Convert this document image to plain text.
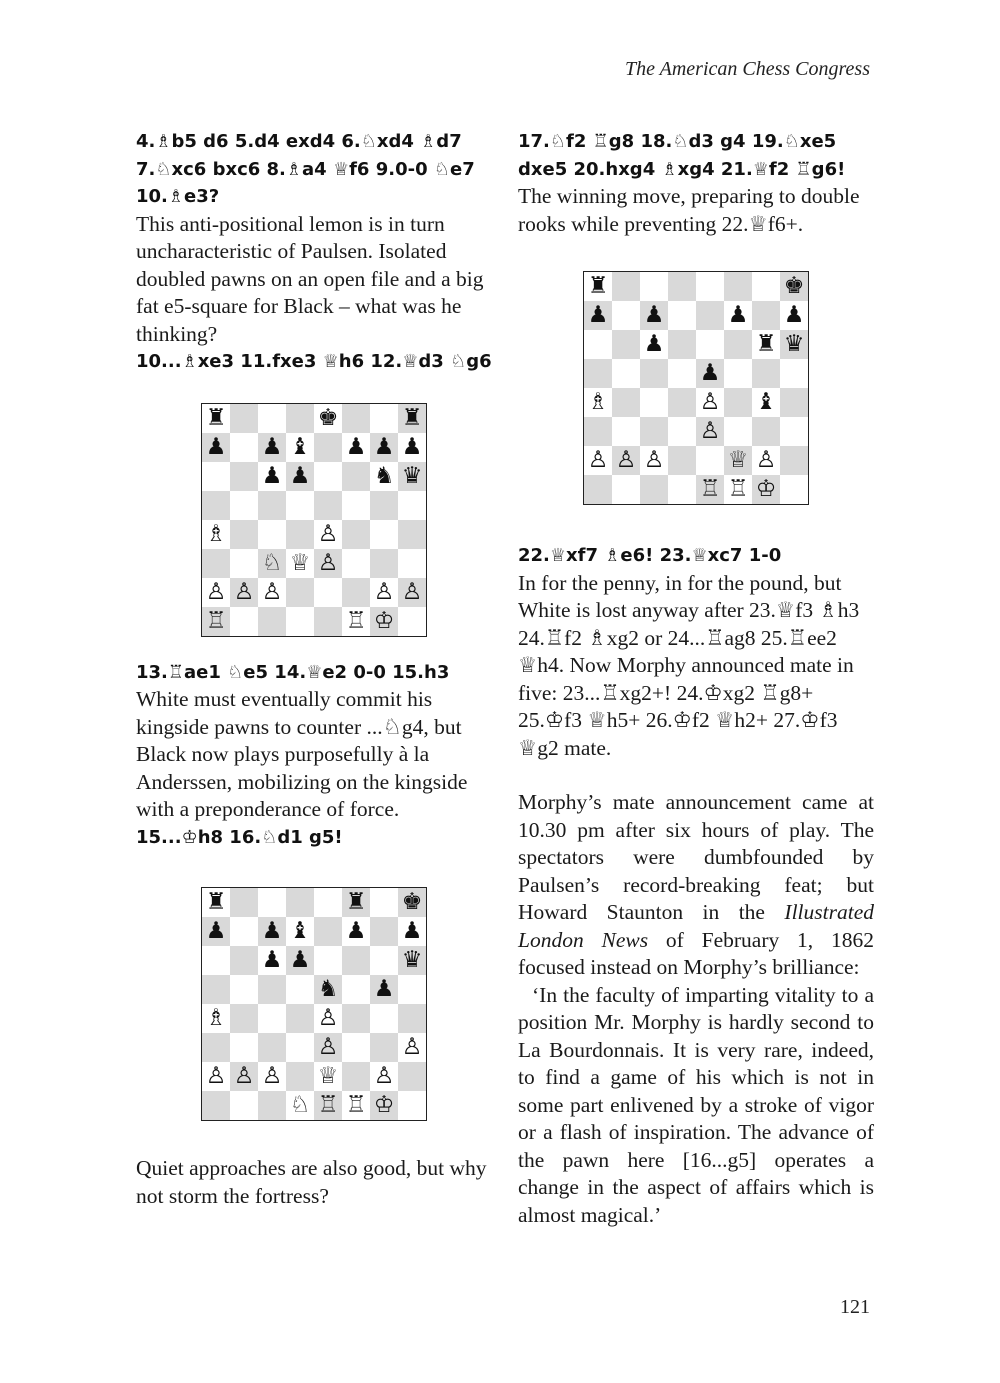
The American Chess Congress

4.♗b5 d6 5.d4 exd4 6.♘xd4 ♗d7 7.♘xc6 bxc6 8.♗a4 ♕f6 9.0-0 ♘e7 10.♗e3?

This anti-positional lemon is in turn uncharacteristic of Paulsen. Isolated doubled pawns on an open file and a big fat e5-square for Black – what was he thinking?

10...♗xe3 11.fxe3 ♕h6 12.♕d3 ♘g6

♜	♚	♜
♟ ♟ ♝ ♟ ♟ ♟
♟ ♟	♞ ♛
♗	♙
♘ ♕ ♙
♙ ♙ ♙	♙ ♙
♖	♖ ♔

13.♖ae1 ♘e5 14.♕e2 0-0 15.h3

White must eventually commit his kingside pawns to counter ...♘g4, but Black now plays purposefully à la Anderssen, mobilizing on the kingside with a preponderance of force.

15...♔h8 16.♘d1 g5!

♜	♜ ♚
♟ ♟ ♝ ♟ ♟
♟ ♟	♛
♞ ♟
♗	♙
♙	♙
♙ ♙ ♙ ♕ ♙
♘ ♖ ♖ ♔

Quiet approaches are also good, but why not storm the fortress?

17.♘f2 ♖g8 18.♘d3 g4 19.♘xe5 dxe5 20.hxg4 ♗xg4 21.♕f2 ♖g6!

The winning move, preparing to double rooks while preventing 22.♕f6+.

♜	♚
♟ ♟	♟ ♟
♟	♜ ♛
♟
♗	♙ ♝
♙
♙ ♙ ♙	♕ ♙
♖ ♖ ♔

22.♕xf7 ♗e6! 23.♕xc7 1-0

In for the penny, in for the pound, but White is lost anyway after 23.♕f3 ♗h3 24.♖f2 ♗xg2 or 24...♖ag8 25.♖ee2 ♕h4. Now Morphy announced mate in five: 23...♖xg2+! 24.♔xg2 ♖g8+ 25.♔f3 ♕h5+ 26.♔f2 ♕h2+ 27.♔f3 ♕g2 mate.

Morphy’s mate announcement came at 10.30 pm after six hours of play. The spectators were dumbfounded by Paulsen’s record-breaking feat; but Howard Staunton in the Illustrated London News of February 1, 1862 focused instead on Morphy’s brilliance:

‘In the faculty of imparting vitality to a position Mr. Morphy is hardly second to La Bourdonnais. It is very rare, indeed, to find a game of his which is not in some part enlivened by a stroke of vigor or a flash of inspiration. The advance of the pawn here [16...g5] operates a change in the aspect of affairs which is almost magical.’

121
